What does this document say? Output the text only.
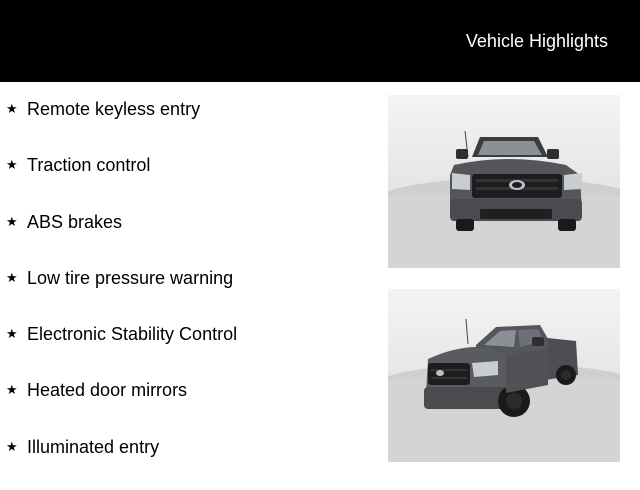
Vehicle Highlights
★ Remote keyless entry
★ Traction control
★ ABS brakes
★ Low tire pressure warning
★ Electronic Stability Control
★ Heated door mirrors
★ Illuminated entry
